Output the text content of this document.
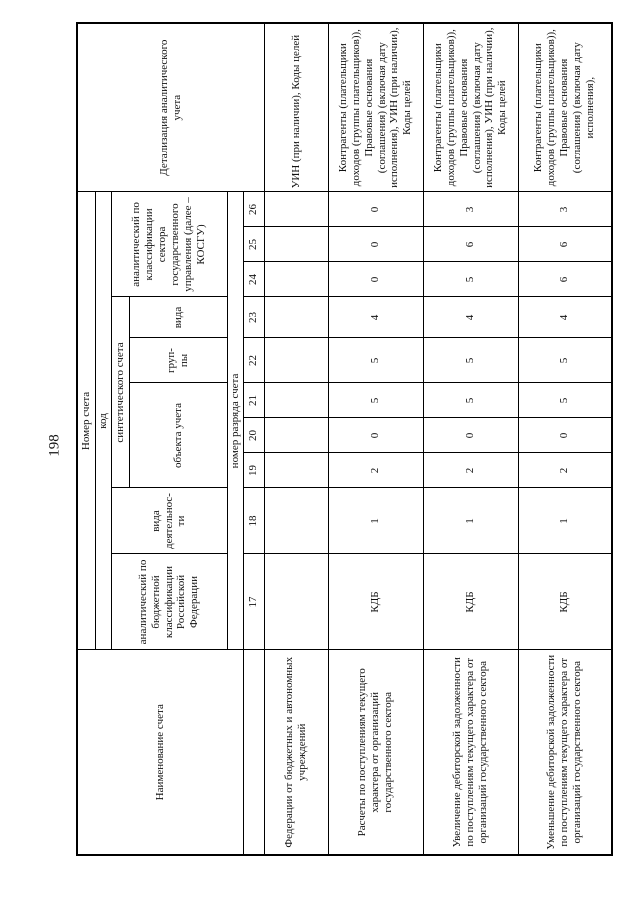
198
Наименование счета	Номер счета										Детализация аналитического учета
	код										
	аналитический по бюджетной классификации Российской Федерации	вида деятельнос-ти	синтетического счета					аналитический по классификации сектора государственного управления (далее – КОСГУ)			
			объекта учета			груп-пы	вида				
	номер разряда счета										
	17	18	19	20	21	22	23	24	25	26	
Федерации от бюджетных и автономных учреждений											УИН (при наличии), Коды целей
Расчеты по поступлениям текущего характера от организаций государственного сектора	КДБ	1	2	0	5	5	4	0	0	0	Контрагенты (плательщики доходов (группы плательщиков)), Правовые основания (соглашения) (включая дату исполнения), УИН (при наличии), Коды целей
Увеличение дебиторской задолженности по поступлениям текущего характера от организаций государственного сектора	КДБ	1	2	0	5	5	4	5	6	3	Контрагенты (плательщики доходов (группы плательщиков)), Правовые основания (соглашения) (включая дату исполнения), УИН (при наличии), Коды целей
Уменьшение дебиторской задолженности по поступлениям текущего характера от организаций государственного сектора	КДБ	1	2	0	5	5	4	6	6	3	Контрагенты (плательщики доходов (группы плательщиков)), Правовые основания (соглашения) (включая дату исполнения),
